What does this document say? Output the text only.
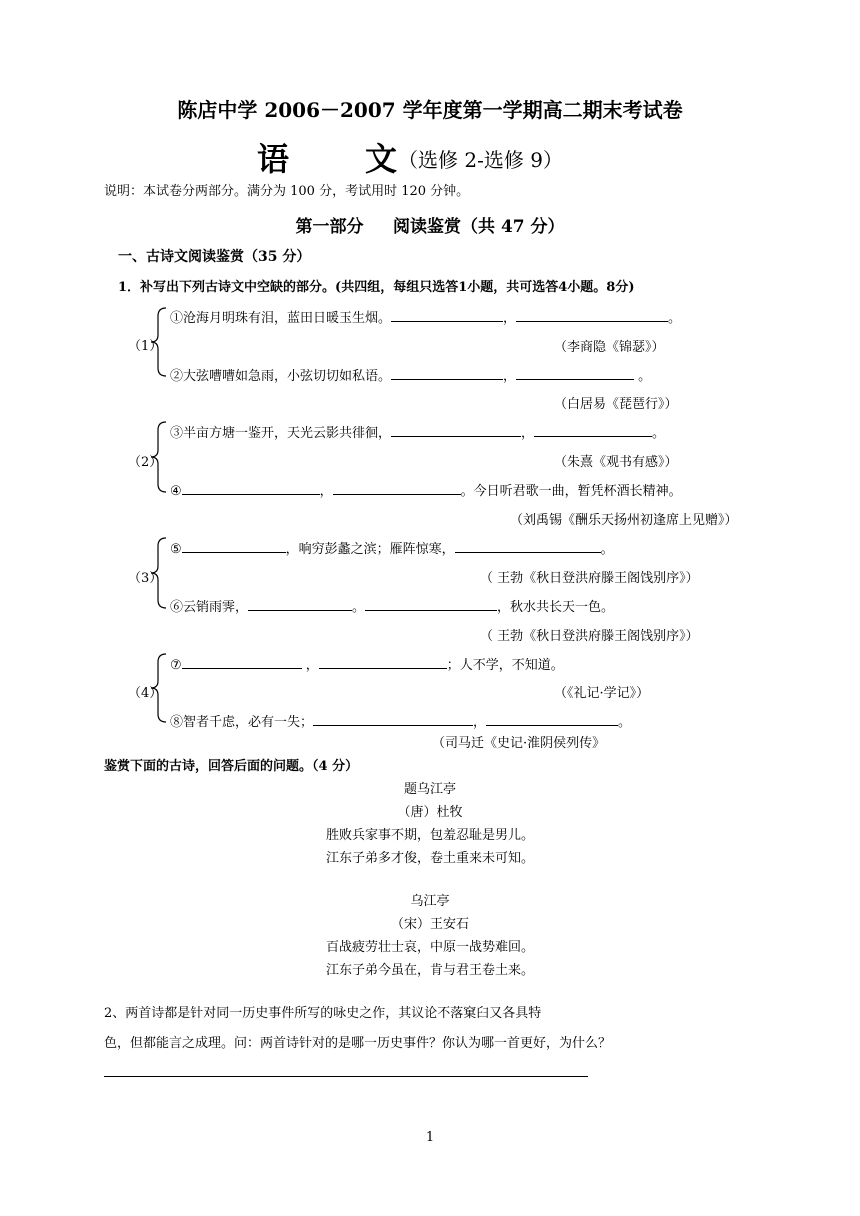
陈店中学 2006－2007 学年度第一学期高二期末考试卷
语 文 （选修 2-选修 9）
说明：本试卷分两部分。满分为 100 分，考试用时 120 分钟。
第一部分     阅读鉴赏（共 47 分）
一、古诗文阅读鉴赏（35 分）
1．补写出下列古诗文中空缺的部分。(共四组，每组只选答1小题，共可选答4小题。8分)
（1）
①沧海月明珠有泪，蓝田日暖玉生烟。	，	。
（李商隐《锦瑟》）
②大弦嘈嘈如急雨，小弦切切如私语。	，	。
（白居易《琵琶行》）
（2）
③半亩方塘一鉴开，天光云影共徘徊，	，	。
（朱熹《观书有感》）
④	，	。今日听君歌一曲，暂凭杯酒长精神。
（刘禹锡《酬乐天扬州初逢席上见赠》）
（3）
⑤	，响穷彭蠡之滨；雁阵惊寒，	。
（ 王勃《秋日登洪府滕王阁饯别序》）
⑥云销雨霁，	。	，秋水共长天一色。
（ 王勃《秋日登洪府滕王阁饯别序》）
（4）
⑦	，	；人不学，不知道。
（《礼记·学记》）
⑧智者千虑，必有一失；	，	。
（司马迁《史记·淮阴侯列传》
鉴赏下面的古诗，回答后面的问题。（4 分）
题乌江亭
（唐）杜牧
胜败兵家事不期，包羞忍耻是男儿。
江东子弟多才俊，卷土重来未可知。
乌江亭
（宋）王安石
百战疲劳壮士哀，中原一战势难回。
江东子弟今虽在，肯与君王卷土来。
2、两首诗都是针对同一历史事件所写的咏史之作，其议论不落窠臼又各具特
色，但都能言之成理。问：两首诗针对的是哪一历史事件？你认为哪一首更好，为什么？
1
